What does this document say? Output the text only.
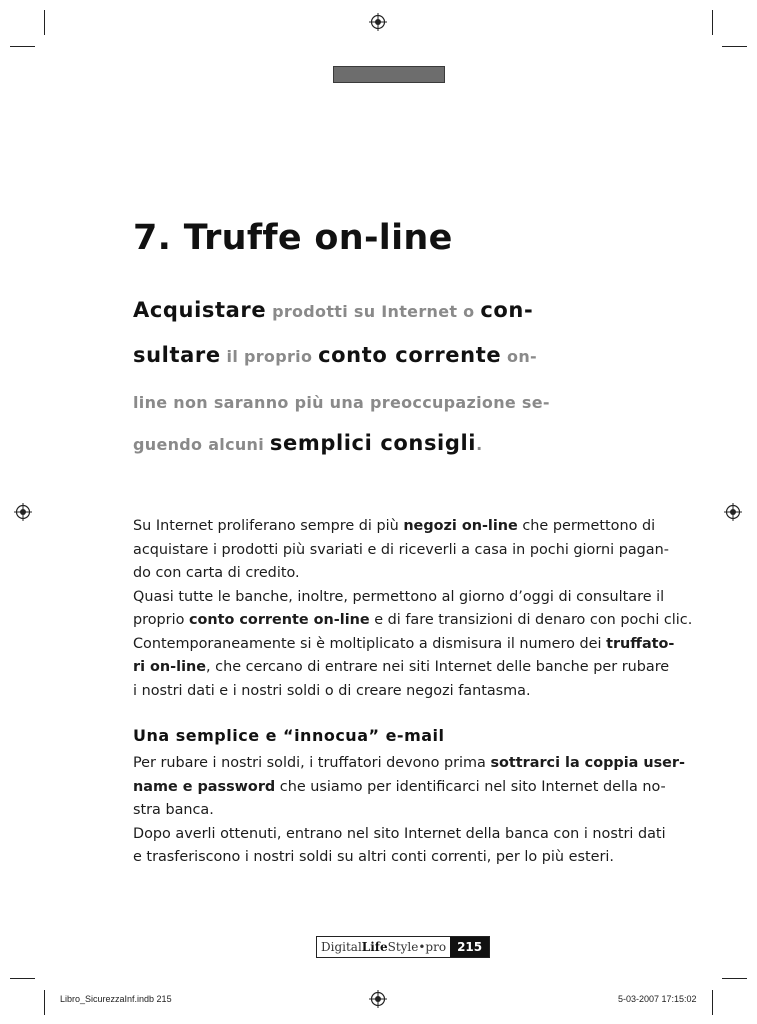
7. Truffe on-line
Acquistare prodotti su Internet o con-
sultare il proprio conto corrente on-
line non saranno più una preoccupazione se-
guendo alcuni semplici consigli.

Su Internet proliferano sempre di più negozi on-line che permettono di

acquistare i prodotti più svariati e di riceverli a casa in pochi giorni pagan-

do con carta di credito.

Quasi tutte le banche, inoltre, permettono al giorno d’oggi di consultare il

proprio conto corrente on-line e di fare transizioni di denaro con pochi clic.

Contemporaneamente si è moltiplicato a dismisura il numero dei truffato-

ri on-line, che cercano di entrare nei siti Internet delle banche per rubare

i nostri dati e i nostri soldi o di creare negozi fantasma.

Una semplice e “innocua” e-mail

Per rubare i nostri soldi, i truffatori devono prima sottrarci la coppia user-

name e password che usiamo per identificarci nel sito Internet della no-

stra banca.

Dopo averli ottenuti, entrano nel sito Internet della banca con i nostri dati

e trasferiscono i nostri soldi su altri conti correnti, per lo più esteri.

DigitalLifeStyle•pro 215
Libro_SicurezzaInf.indb 215	5-03-2007 17:15:02
